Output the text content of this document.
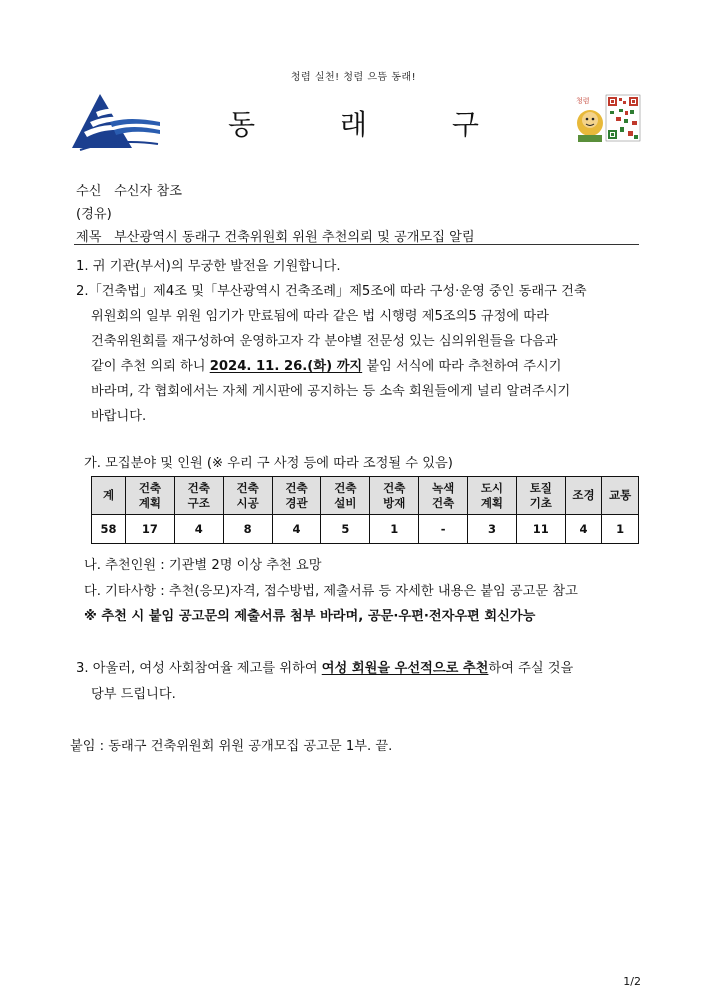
청렴 실천! 청렴 으뜸 동래!
동 래 구
청렴
수신 수신자 참조
(경유)
제목 부산광역시 동래구 건축위원회 위원 추천의뢰 및 공개모집 알림
1. 귀 기관(부서)의 무궁한 발전을 기원합니다.
2.「건축법」제4조 및「부산광역시 건축조례」제5조에 따라 구성·운영 중인 동래구 건축
위원회의 일부 위원 임기가 만료됨에 따라 같은 법 시행령 제5조의5 규정에 따라
건축위원회를 재구성하여 운영하고자 각 분야별 전문성 있는 심의위원들을 다음과
같이 추천 의뢰 하니 2024. 11. 26.(화) 까지 붙임 서식에 따라 추천하여 주시기
바라며, 각 협회에서는 자체 게시판에 공지하는 등 소속 회원들에게 널리 알려주시기
바랍니다.
가. 모집분야 및 인원 (※ 우리 구 사정 등에 따라 조정될 수 있음)
계	건축 계획	건축 구조	건축 시공	건축 경관	건축 설비	건축 방재	녹색 건축	도시 계획	토질 기초	조경	교통
58	17	4	8	4	5	1	-	3	11	4	1
나. 추천인원 : 기관별 2명 이상 추천 요망
다. 기타사항 : 추천(응모)자격, 접수방법, 제출서류 등 자세한 내용은 붙임 공고문 참고
※ 추천 시 붙임 공고문의 제출서류 첨부 바라며, 공문·우편·전자우편 회신가능
3. 아울러, 여성 사회참여율 제고를 위하여 여성 회원을 우선적으로 추천하여 주실 것을
당부 드립니다.
붙임 : 동래구 건축위원회 위원 공개모집 공고문 1부. 끝.
1/2
